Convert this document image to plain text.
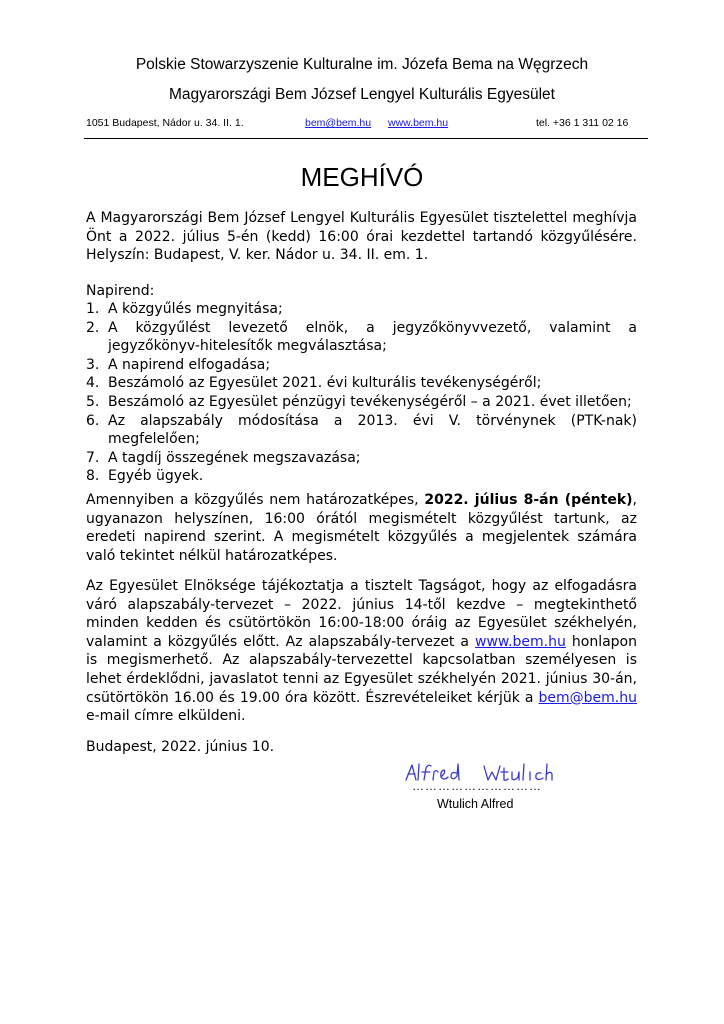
Polskie Stowarzyszenie Kulturalne im. Józefa Bema na Węgrzech
Magyarországi Bem József Lengyel Kulturális Egyesület
1051 Budapest, Nádor u. 34. II. 1.	bem@bem.hu www.bem.hu	tel. +36 1 311 02 16
MEGHÍVÓ

A Magyarországi Bem József Lengyel Kulturális Egyesület tisztelettel meghívja Önt a 2022. július 5-én (kedd) 16:00 órai kezdettel tartandó közgyűlésére. Helyszín: Budapest, V. ker. Nádor u. 34. II. em. 1.

Napirend:
1. A közgyűlés megnyitása;
2. A közgyűlést levezető elnök, a jegyzőkönyvvezető, valamint a jegyzőkönyv-hitelesítők megválasztása;
3. A napirend elfogadása;
4. Beszámoló az Egyesület 2021. évi kulturális tevékenységéről;
5. Beszámoló az Egyesület pénzügyi tevékenységéről – a 2021. évet illetően;
6. Az alapszabály módosítása a 2013. évi V. törvénynek (PTK-nak) megfelelően;
7. A tagdíj összegének megszavazása;
8. Egyéb ügyek.

Amennyiben a közgyűlés nem határozatképes, 2022. július 8-án (péntek), ugyanazon helyszínen, 16:00 órától megismételt közgyűlést tartunk, az eredeti napirend szerint. A megismételt közgyűlés a megjelentek számára való tekintet nélkül határozatképes.

Az Egyesület Elnöksége tájékoztatja a tisztelt Tagságot, hogy az elfogadásra váró alapszabály-tervezet – 2022. június 14-től kezdve – megtekinthető minden kedden és csütörtökön 16:00-18:00 óráig az Egyesület székhelyén, valamint a közgyűlés előtt. Az alapszabály-tervezet a www.bem.hu honlapon is megismerhető. Az alapszabály-tervezettel kapcsolatban személyesen is lehet érdeklődni, javaslatot tenni az Egyesület székhelyén 2021. június 30-án, csütörtökön 16.00 és 19.00 óra között. Észrevételeiket kérjük a bem@bem.hu e-mail címre elküldeni.

Budapest, 2022. június 10.
…………………………
Wtulich Alfred
